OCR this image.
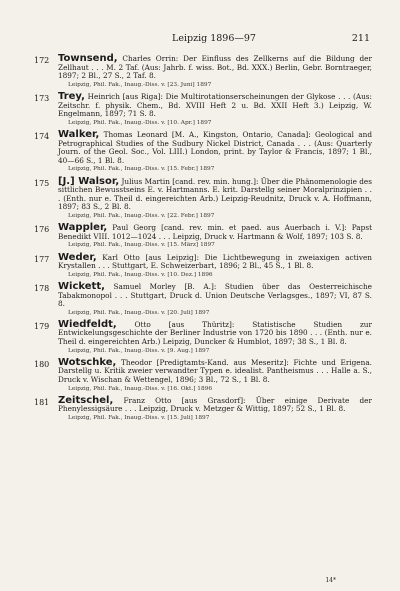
Leipzig 1896—97	211
172 Townsend, Charles Orrin: Der Einfluss des Zellkerns auf die Bildung der Zellhaut . . . M. 2 Taf. (Aus: Jahrb. f. wiss. Bot., Bd. XXX.) Berlin, Gebr. Borntraeger, 1897; 2 Bl., 27 S., 2 Taf. 8.
Leipzig, Phil. Fak., Inaug.-Diss. v. [23. Juni] 1897
173 Trey, Heinrich [aus Riga]: Die Multirotationserscheinungen der Glykose . . . (Aus: Zeitschr. f. physik. Chem., Bd. XVIII Heft 2 u. Bd. XXII Heft 3.) Leipzig, W. Engelmann, 1897; 71 S. 8.
Leipzig, Phil. Fak., Inaug.-Diss. v. [10. Apr.] 1897
174 Walker, Thomas Leonard [M. A., Kingston, Ontario, Canada]: Geological and Petrographical Studies of the Sudbury Nickel District, Canada . . . (Aus: Quarterly Journ. of the Geol. Soc., Vol. LIII.) London, print. by Taylor & Francis, 1897; 1 Bl., 40—66 S., 1 Bl. 8.
Leipzig, Phil. Fak., Inaug.-Diss. v. [15. Febr.] 1897
175 [J.] Walsor, Julius Martin [cand. rev. min. hung.]: Über die Phänomenologie des sittlichen Bewusstseins E. v. Hartmanns. E. krit. Darstellg seiner Moralprinzipien . . . (Enth. nur e. Theil d. eingereichten Arb.) Leipzig-Reudnitz, Druck v. A. Hoffmann, 1897; 83 S., 2 Bl. 8.
Leipzig, Phil. Fak., Inaug.-Diss. v. [22. Febr.] 1897
176 Wappler, Paul Georg [cand. rev. min. et paed. aus Auerbach i. V.]: Papst Benedikt VIII. 1012—1024 . . . Leipzig, Druck v. Hartmann & Wolf, 1897; 103 S. 8.
Leipzig, Phil. Fak., Inaug.-Diss. v. [15. März] 1897
177 Weder, Karl Otto [aus Leipzig]: Die Lichtbewegung in zweiaxigen activen Krystallen . . . Stuttgart, E. Schweizerbart, 1896; 2 Bl., 45 S., 1 Bl. 8.
Leipzig, Phil. Fak., Inaug.-Diss. v. [10. Dez.] 1896
178 Wickett, Samuel Morley [B. A.]: Studien über das Oesterreichische Tabakmonopol . . . Stuttgart, Druck d. Union Deutsche Verlagsges., 1897; VI, 87 S. 8.
Leipzig, Phil. Fak., Inaug.-Diss. v. [20. Juli] 1897
179 Wiedfeldt, Otto [aus Thüritz]: Statistische Studien zur Entwickelungsgeschichte der Berliner Industrie von 1720 bis 1890 . . . (Enth. nur e. Theil d. eingereichten Arb.) Leipzig, Duncker & Humblot, 1897; 38 S., 1 Bl. 8.
Leipzig, Phil. Fak., Inaug.-Diss. v. [9. Aug.] 1897
180 Wotschke, Theodor [Predigtamts-Kand. aus Meseritz]: Fichte und Erigena. Darstellg u. Kritik zweier verwandter Typen e. idealist. Pantheismus . . . Halle a. S., Druck v. Wischan & Wettengel, 1896; 3 Bl., 72 S., 1 Bl. 8.
Leipzig, Phil. Fak., Inaug.-Diss. v. [16. Okt.] 1896
181 Zeitschel, Franz Otto [aus Grasdorf]: Über einige Derivate der Phenylessigsäure . . . Leipzig, Druck v. Metzger & Wittig, 1897; 52 S., 1 Bl. 8.
Leipzig, Phil. Fak., Inaug.-Diss. v. [15. Juli] 1897
14*
